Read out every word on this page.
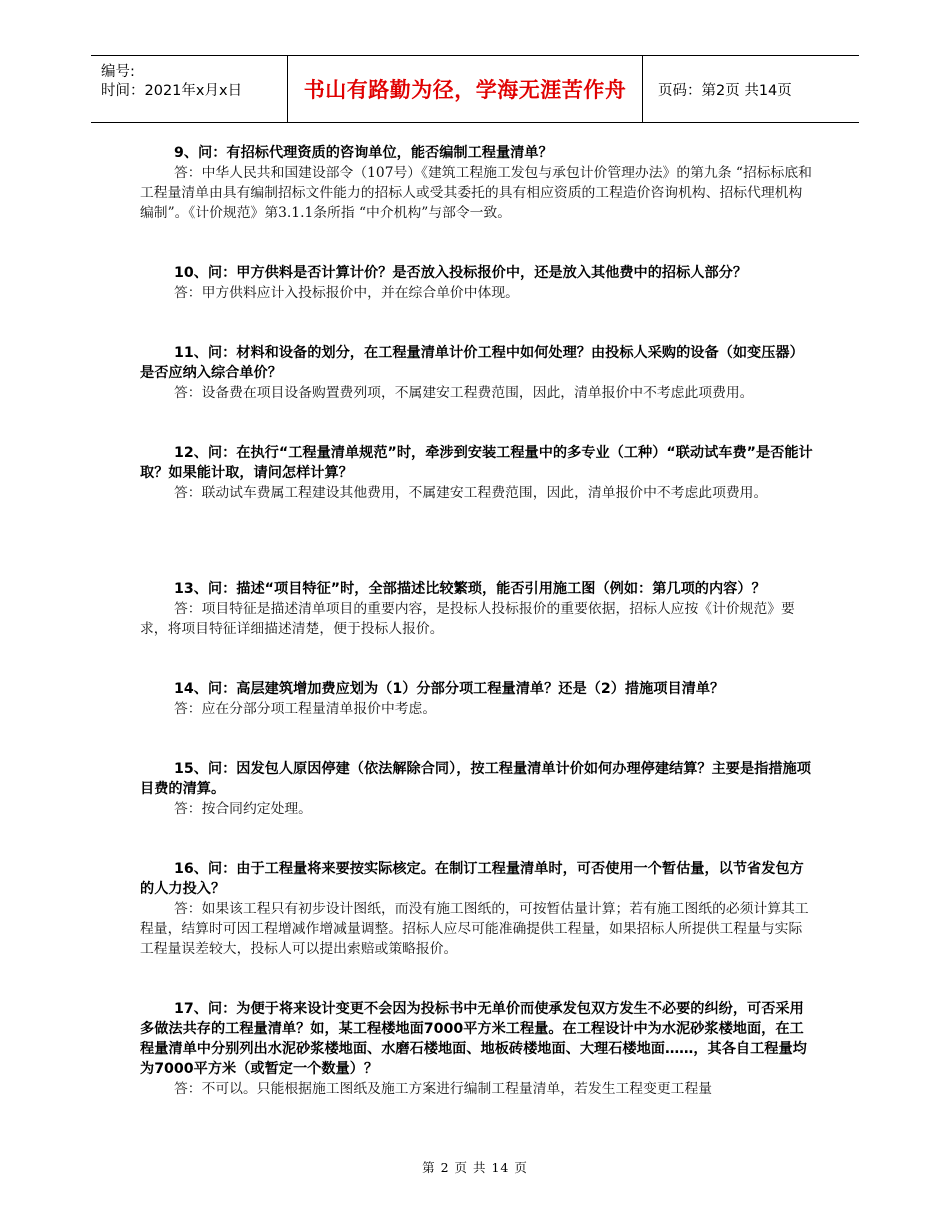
编号:
时间：2021年x月x日	书山有路勤为径，学海无涯苦作舟 页码：第2页 共14页

9、问：有招标代理资质的咨询单位，能否编制工程量清单？

答：中华人民共和国建设部令（107号）《建筑工程施工发包与承包计价管理办法》的第九条 “招标标底和工程量清单由具有编制招标文件能力的招标人或受其委托的具有相应资质的工程造价咨询机构、招标代理机构编制”。《计价规范》第3.1.1条所指 “中介机构”与部令一致。

10、问：甲方供料是否计算计价？是否放入投标报价中，还是放入其他费中的招标人部分？

答：甲方供料应计入投标报价中，并在综合单价中体现。

11、问：材料和设备的划分，在工程量清单计价工程中如何处理？由投标人采购的设备（如变压器）是否应纳入综合单价？

答：设备费在项目设备购置费列项，不属建安工程费范围，因此，清单报价中不考虑此项费用。

12、问：在执行“工程量清单规范”时，牵涉到安装工程量中的多专业（工种）“联动试车费”是否能计取？如果能计取，请问怎样计算？

答：联动试车费属工程建设其他费用，不属建安工程费范围，因此，清单报价中不考虑此项费用。

13、问：描述“项目特征”时，全部描述比较繁琐，能否引用施工图（例如：第几项的内容）？

答：项目特征是描述清单项目的重要内容，是投标人投标报价的重要依据，招标人应按《计价规范》要求，将项目特征详细描述清楚，便于投标人报价。

14、问：高层建筑增加费应划为（1）分部分项工程量清单？还是（2）措施项目清单？

答：应在分部分项工程量清单报价中考虑。

15、问：因发包人原因停建（依法解除合同），按工程量清单计价如何办理停建结算？主要是指措施项目费的清算。

答：按合同约定处理。

16、问：由于工程量将来要按实际核定。在制订工程量清单时，可否使用一个暂估量，以节省发包方的人力投入？

答：如果该工程只有初步设计图纸，而没有施工图纸的，可按暂估量计算；若有施工图纸的必须计算其工程量，结算时可因工程增减作增减量调整。招标人应尽可能准确提供工程量，如果招标人所提供工程量与实际工程量误差较大，投标人可以提出索赔或策略报价。

17、问：为便于将来设计变更不会因为投标书中无单价而使承发包双方发生不必要的纠纷，可否采用多做法共存的工程量清单？如，某工程楼地面7000平方米工程量。在工程设计中为水泥砂浆楼地面，在工程量清单中分别列出水泥砂浆楼地面、水磨石楼地面、地板砖楼地面、大理石楼地面……，其各自工程量均为7000平方米（或暂定一个数量）？

答：不可以。只能根据施工图纸及施工方案进行编制工程量清单，若发生工程变更工程量

第 2 页 共 14 页
